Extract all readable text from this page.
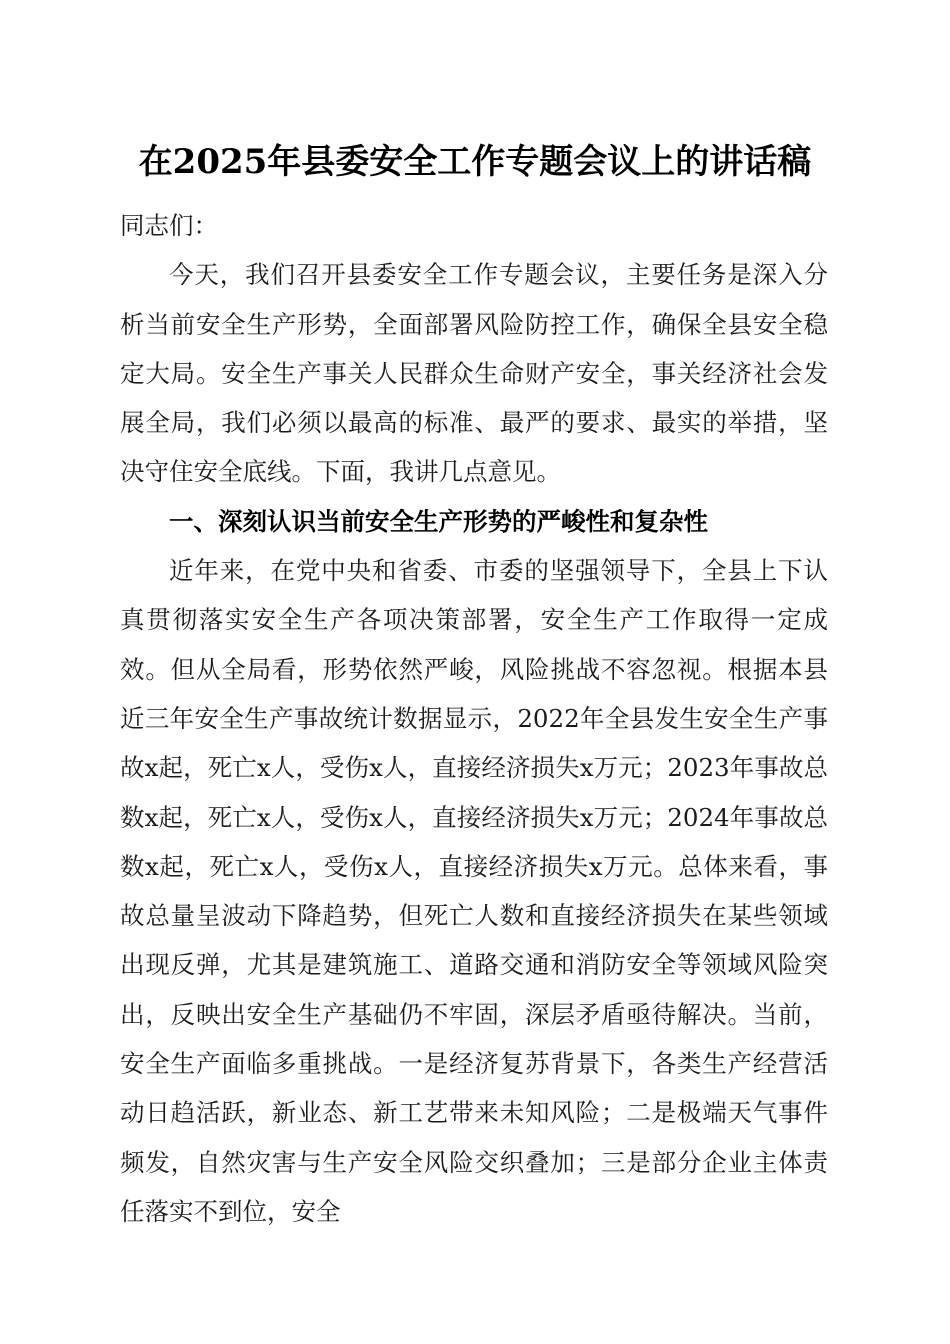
在2025年县委安全工作专题会议上的讲话稿

同志们：

今天，我们召开县委安全工作专题会议，主要任务是深入分析当前安全生产形势，全面部署风险防控工作，确保全县安全稳定大局。安全生产事关人民群众生命财产安全，事关经济社会发展全局，我们必须以最高的标准、最严的要求、最实的举措，坚决守住安全底线。下面，我讲几点意见。

一、深刻认识当前安全生产形势的严峻性和复杂性

近年来，在党中央和省委、市委的坚强领导下，全县上下认真贯彻落实安全生产各项决策部署，安全生产工作取得一定成效。但从全局看，形势依然严峻，风险挑战不容忽视。根据本县近三年安全生产事故统计数据显示，2022年全县发生安全生产事故x起，死亡x人，受伤x人，直接经济损失x万元；2023年事故总数x起，死亡x人，受伤x人，直接经济损失x万元；2024年事故总数x起，死亡x人，受伤x人，直接经济损失x万元。总体来看，事故总量呈波动下降趋势，但死亡人数和直接经济损失在某些领域出现反弹，尤其是建筑施工、道路交通和消防安全等领域风险突出，反映出安全生产基础仍不牢固，深层矛盾亟待解决。当前，安全生产面临多重挑战。一是经济复苏背景下，各类生产经营活动日趋活跃，新业态、新工艺带来未知风险；二是极端天气事件频发，自然灾害与生产安全风险交织叠加；三是部分企业主体责任落实不到位，安全
